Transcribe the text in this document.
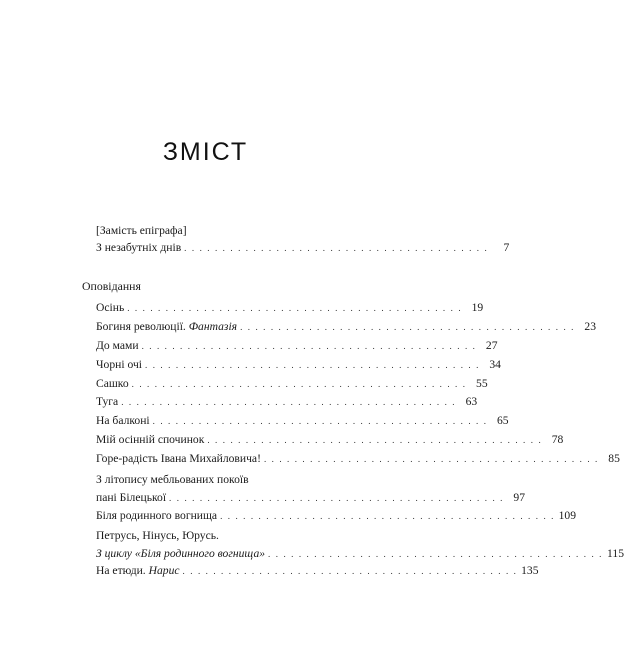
ЗМІСТ
[Замість епіграфа]
З незабутніх днів . . . . . . . . . . . . . . . . . . . . . . . . . . . . . . . . . . . . . . . .	7
Оповідання
Осінь . . . . . . . . . . . . . . . . . . . . . . . . . . . . . . . . . . . . . . . . . . . . 19
Богиня революції. Фантазія . . . . . . . . . . . . . . . . . . . . . . . . . . . . . . . . . . . . . . . . . . . . 23
До мами . . . . . . . . . . . . . . . . . . . . . . . . . . . . . . . . . . . . . . . . . . . . 27
Чорні очі . . . . . . . . . . . . . . . . . . . . . . . . . . . . . . . . . . . . . . . . . . . . 34
Сашко . . . . . . . . . . . . . . . . . . . . . . . . . . . . . . . . . . . . . . . . . . . . 55
Туга . . . . . . . . . . . . . . . . . . . . . . . . . . . . . . . . . . . . . . . . . . . . 63
На балконі . . . . . . . . . . . . . . . . . . . . . . . . . . . . . . . . . . . . . . . . . . . . 65
Мій осінній спочинок . . . . . . . . . . . . . . . . . . . . . . . . . . . . . . . . . . . . . . . . . . . . 78
Горе-радість Івана Михайловича! . . . . . . . . . . . . . . . . . . . . . . . . . . . . . . . . . . . . . . . . . . . . 85
З літопису мебльованих покоїв
пані Білецької . . . . . . . . . . . . . . . . . . . . . . . . . . . . . . . . . . . . . . . . . . . . 97
Біля родинного вогнища . . . . . . . . . . . . . . . . . . . . . . . . . . . . . . . . . . . . . . . . . . . . 109
Петрусь, Нінусь, Юрусь.
З циклу «Біля родинного вогнища» . . . . . . . . . . . . . . . . . . . . . . . . . . . . . . . . . . . . . . . . . . . . 115
На етюди. Нарис . . . . . . . . . . . . . . . . . . . . . . . . . . . . . . . . . . . . . . . . . . . . 135
